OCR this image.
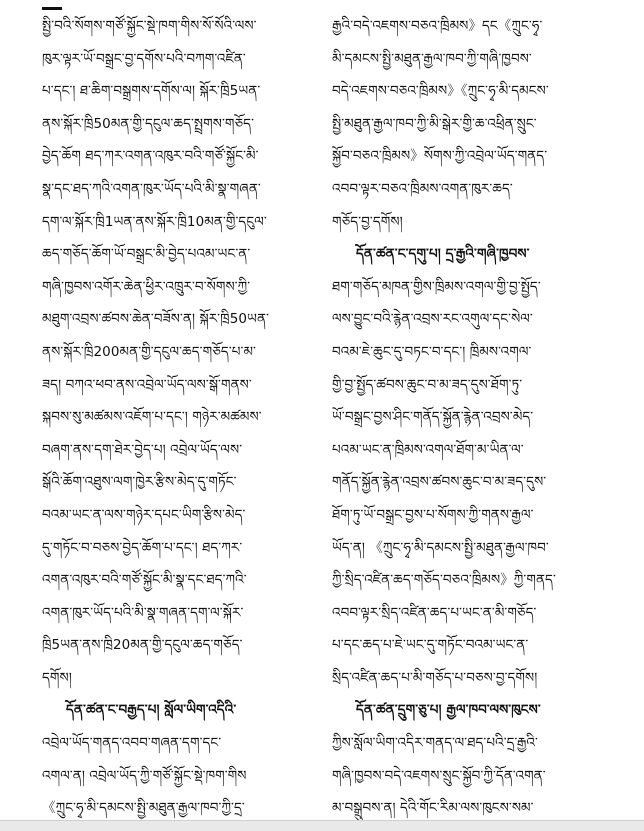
སྤྱི་བའི་སོགས་གཙོ་སྐྱོང་སྡེ་ཁག་གིས་སོ་སོའི་ལས་
ཁུར་ལྟར་ཡོ་བསྒྲང་བྱ་དགོས་པའི་བཀག་འཛིན་
པ་དང་། ཐ་ཆིག་བསྒྲགས་དགོས་ལ། སྐོར་ཁྲི5ཡན་
ནས་སྐོར་ཁྲི50མན་གྱི་དངུལ་ཆད་སྤྲགས་གཅོད་
བྱེད་ཆོག ཐད་ཀར་འགན་འཁུར་བའི་གཙོ་སྐྱོང་མི་
སྣ་དང་ཐད་ཀའི་འགན་ཁུར་ཡོད་པའི་མི་སྣ་གཞན་
དག་ལ་སྐོར་ཁྲི1ཡན་ནས་སྐོར་ཁྲི10མན་གྱི་དངུལ་
ཆད་གཅོད་ཆོག་ཡོ་བསྒྲང་མི་བྱེད་པའམ་ཡང་ན་
གཞི་ཁྱབས་འགོར་ཆེན་ཕྱིར་འཁྲུར་བ་སོགས་ཀྱི་
མཐུག་འབྲས་ཚབས་ཆེན་བཟོས་ན། སྐོར་ཁྲི50ཡན་
ནས་སྐོར་ཁྲི200མན་གྱི་དངུལ་ཆད་གཅོད་པ་མ་
ཟད། བཀའ་ཕབ་ནས་འབྲེལ་ཡོད་ལས་སྒོ་གནས་
སྐབས་སུ་མཚམས་འཇོག་པ་དང་། གཉེར་མཚམས་
བཞག་ནས་དག་ཐེར་བྱེད་པ། འབྲེལ་ཡོད་ལས་
སྒོའི་ཆོག་འཐུས་ལག་ཁྱེར་རྩིས་མེད་དུ་གཏོང་
བའམ་ཡང་ན་ལས་གཉེར་དཔང་ཡིག་རྩིས་མེད་
དུ་གཏོང་བ་བཅས་བྱེད་ཆོག་པ་དང་། ཐད་ཀར་
འགན་འཁུར་བའི་གཙོ་སྐྱོང་མི་སྣ་དང་ཐད་ཀའི་
འགན་ཁུར་ཡོད་པའི་མི་སྣ་གཞན་དག་ལ་སྐོར་
ཁྲི5ཡན་ནས་ཁྲི20མན་གྱི་དངུལ་ཆད་གཅོད་
དགོས།
དོན་ཚན་ང་བརྒྱད་པ། སློལ་ཡིག་འདིའི་
འབྲེལ་ཡོད་གནད་འབབ་གཞན་དག་དང་
འགལ་ན། འབྲེལ་ཡོད་ཀྱི་གཙོ་སྐྱོང་སྡེ་ཁག་གིས
《ཀྲུང་ཧྭ་མི་དམངས་སྤྱི་མཐུན་རྒྱལ་ཁབ་ཀྱི་དྲ་
རྒྱའི་བདེ་འཇགས་བཅའ་ཁྲིམས》དང《ཀྲུང་ཧྭ་
མི་དམངས་སྤྱི་མཐུན་རྒྱལ་ཁབ་ཀྱི་གཞི་ཁྱབས་
བདེ་འཇགས་བཅའ་ཁྲིམས》《ཀྲུང་ཧྭ་མི་དམངས་
སྤྱི་མཐུན་རྒྱལ་ཁབ་ཀྱི་མི་སྒེར་གྱི་ཆ་འཕྲིན་སྲུང་
སྐྱོབ་བཅའ་ཁྲིམས》སོགས་ཀྱི་འབྲེལ་ཡོད་གནད་
འབབ་ལྟར་བཅའ་ཁྲིམས་འགན་ཁུར་ཆད་
གཅོད་བྱ་དགོས།
དོན་ཚན་ང་དགུ་པ། དྲ་རྒྱའི་གཞི་ཁྱབས་
ཐག་གཅོད་མཁན་གྱིས་ཁྲིམས་འགལ་གྱི་བྱ་སྤྱོད་
ལས་བྱུང་བའི་རྙེན་འབྲས་རང་འགུལ་དང་སེལ་
བའམ་ཇེ་ཆུང་དུ་བཏང་བ་དང་། ཁྲིམས་འགལ་
གྱི་བྱ་སྤྱོད་ཚབས་ཆུང་བ་མ་ཟད་དུས་ཐོག་ཏུ་
ཡོ་བསྒྲང་བྱས་ཤིང་གནོད་སྐྱོན་རྙེན་འབྲས་མེད་
པའམ་ཡང་ན་ཁྲིམས་འགལ་ཐོག་མ་ཡིན་ལ་
གནོད་སྐྱོན་རྙེན་འབྲས་ཚབས་ཆུང་བ་མ་ཟད་དུས་
ཐོག་ཏུ་ཡོ་བསྒྲང་བྱས་པ་སོགས་ཀྱི་གནས་རྒྱལ་
ཡོད་ན། 《ཀྲུང་ཧྭ་མི་དམངས་སྤྱི་མཐུན་རྒྱལ་ཁབ་
ཀྱི་སྲིད་འཛིན་ཆད་གཅོད་བཅའ་ཁྲིམས》ཀྱི་གནད་
འབབ་ལྟར་སྲིད་འཛིན་ཆད་པ་ཡང་ན་མི་གཅོད་
པ་དང་ཆད་པ་ཇེ་ཡང་དུ་གཏོང་བའམ་ཡང་ན་
སྲིད་འཛིན་ཆད་པ་མི་གཅོད་པ་བཅས་བྱ་དགོས།
དོན་ཚན་དྲུག་ཅུ་པ། རྒྱལ་ཁབ་ལས་ཁུངས་
ཀྱིས་སློལ་ཡིག་འདིར་གནད་ལ་ཐད་པའི་དྲ་རྒྱའི་
གཞི་ཁྱབས་བདེ་འཇགས་སྲུང་སྐྱོབ་ཀྱི་དོན་འགན་
མ་བསྒྲུབས་ན། དེའི་གོང་རིམ་ལས་ཁུངས་སམ་
